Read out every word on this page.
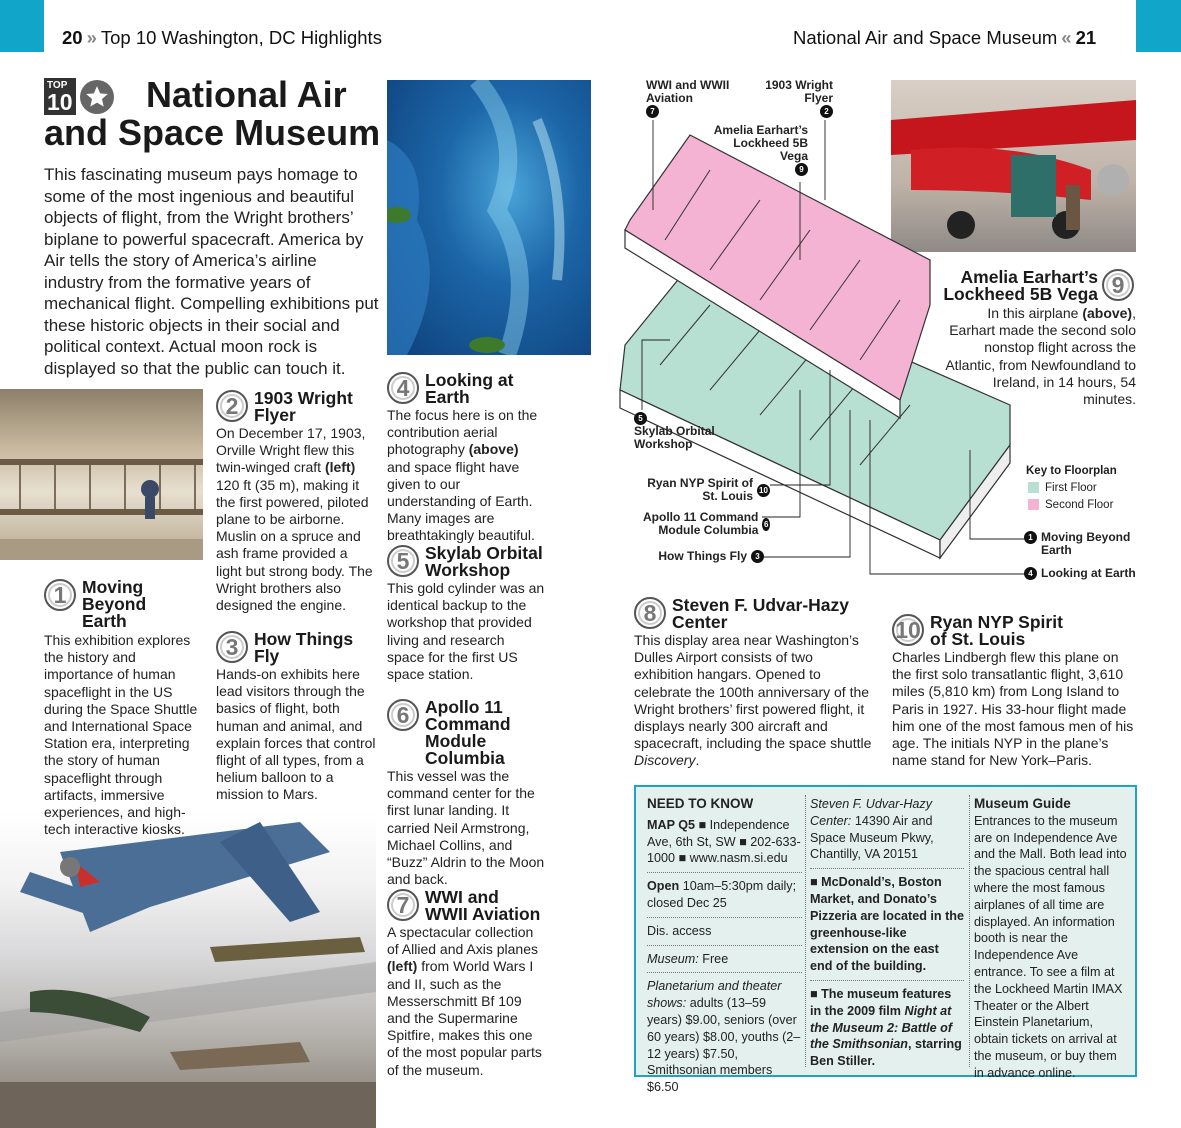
20 » Top 10 Washington, DC Highlights	National Air and Space Museum « 21
TOP
10	National Air and Space Museum
This fascinating museum pays homage to some of the most ingenious and beautiful objects of flight, from the Wright brothers’ biplane to powerful spacecraft. America by Air tells the story of America’s airline industry from the formative years of mechanical flight. Compelling exhibitions put these historic objects in their social and political context. Actual moon rock is displayed so that the public can touch it.
1 Moving Beyond Earth
This exhibition explores the history and importance of human spaceflight in the US during the Space Shuttle and International Space Station era, interpreting the story of human spaceflight through artifacts, immersive experiences, and high-tech interactive kiosks.
2 1903 Wright Flyer
On December 17, 1903, Orville Wright flew this twin-winged craft (left) 120 ft (35 m), making it the first powered, piloted plane to be airborne. Muslin on a spruce and ash frame provided a light but strong body. The Wright brothers also designed the engine.
3 How Things Fly
Hands-on exhibits here lead visitors through the basics of flight, both human and animal, and explain forces that control flight of all types, from a helium balloon to a mission to Mars.
4 Looking at Earth
The focus here is on the contribution aerial photography (above) and space flight have given to our understanding of Earth. Many images are breathtakingly beautiful.
5 Skylab Orbital Workshop
This gold cylinder was an identical backup to the workshop that provided living and research space for the first US space station.
6 Apollo 11 Command Module Columbia
This vessel was the command center for the first lunar landing. It carried Neil Armstrong, Michael Collins, and “Buzz” Aldrin to the Moon and back.
7 WWI and WWII Aviation
A spectacular collection of Allied and Axis planes (left) from World Wars I and II, such as the Messerschmitt Bf 109 and the Supermarine Spitfire, makes this one of the most popular parts of the museum.
WWI and WWII Aviation
7
1903 Wright Flyer
2
Amelia Earhart’s Lockheed 5B Vega
9
5
Skylab Orbital Workshop
Ryan NYP Spirit of St. Louis 10
Apollo 11 Command Module Columbia 6
How Things Fly	3
1 Moving Beyond Earth
4 Looking at Earth
Key to Floorplan
First Floor
Second Floor
9
Amelia Earhart’s Lockheed 5B Vega
In this airplane (above), Earhart made the second solo nonstop flight across the Atlantic, from Newfoundland to Ireland, in 14 hours, 54 minutes.
8 Steven F. Udvar-Hazy Center
This display area near Washington’s Dulles Airport consists of two exhibition hangars. Opened to celebrate the 100th anniversary of the Wright brothers’ first powered flight, it displays nearly 300 aircraft and spacecraft, including the space shuttle Discovery.
10 Ryan NYP Spirit of St. Louis
Charles Lindbergh flew this plane on the first solo transatlantic flight, 3,610 miles (5,810 km) from Long Island to Paris in 1927. His 33-hour flight made him one of the most famous men of his age. The initials NYP in the plane’s name stand for New York–Paris.
NEED TO KNOW
MAP Q5 ■ Independence Ave, 6th St, SW ■ 202-633-1000 ■ www.nasm.si.edu
Open 10am–5:30pm daily; closed Dec 25
Dis. access
Museum: Free
Planetarium and theater shows: adults (13–59 years) $9.00, seniors (over 60 years) $8.00, youths (2–12 years) $7.50, Smithsonian members $6.50
Steven F. Udvar-Hazy Center: 14390 Air and Space Museum Pkwy, Chantilly, VA 20151
■ McDonald’s, Boston Market, and Donato’s Pizzeria are located in the greenhouse-like extension on the east end of the building.
■ The museum features in the 2009 film Night at the Museum 2: Battle of the Smithsonian, starring Ben Stiller.
Museum Guide
Entrances to the museum are on Independence Ave and the Mall. Both lead into the spacious central hall where the most famous airplanes of all time are displayed. An information booth is near the Independence Ave entrance. To see a film at the Lockheed Martin IMAX Theater or the Albert Einstein Planetarium, obtain tickets on arrival at the museum, or buy them in advance online.
